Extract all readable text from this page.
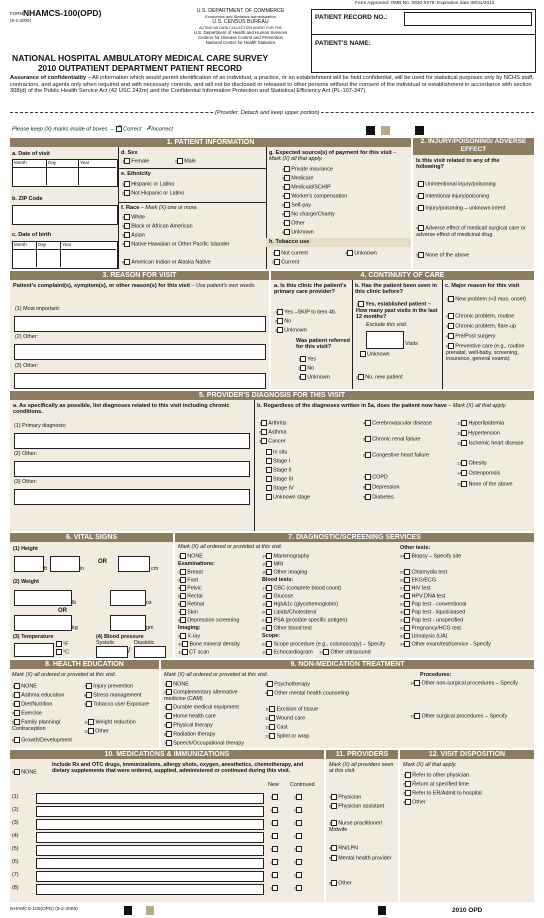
Form Approved: OMB No. 0920-0278; Expiration date 08/31/2012
FORM NHAMCS-100(OPD)
(9-2-2009)
U.S. DEPARTMENT OF COMMERCE
Economics and Statistics Administration
U.S. CENSUS BUREAU
ACTING AS DATA COLLECTION AGENT FOR THE
U.S. Department of Health and Human Services
Centers for Disease Control and Prevention
National Center for Health Statistics
NATIONAL HOSPITAL AMBULATORY MEDICAL CARE SURVEY
2010 OUTPATIENT DEPARTMENT PATIENT RECORD
PATIENT RECORD NO.:
PATIENT'S NAME:
Assurance of confidentiality – All information which would permit identification of an individual, a practice, or an establishment will be held confidential, will be used for statistical purposes only by NCHS staff, contractors, and agents only when required and with necessary controls, and will not be disclosed or released to other persons without the consent of the individual or establishment in accordance with section 308(d) of the Public Health Service Act (42 USC 242m) and the Confidential Information Protection and Statistical Efficiency Act (PL-107-347).
(Provider: Detach and keep upper portion)
Please keep (X) marks inside of boxes → ✕ Correct ✗Incorrect
1. PATIENT INFORMATION
a. Date of visit
Month	Day	Year
b. ZIP Code
c. Date of birth
Month Day	Year
d. Sex
1 Female	2 Male
e. Ethnicity
1 Hispanic or Latino
2 Not Hispanic or Latino
f. Race – Mark (X) one or more.
1 White
2 Black or African American
3 Asian
4 Native Hawaiian or Other Pacific Islander
5 American Indian or Alaska Native
g. Expected source(s) of payment for this visit – Mark (X) all that apply.
1 Private insurance
2 Medicare
3 Medicaid/SCHIP
4 Worker's compensation
5 Self-pay
6 No charge/Charity
7 Other
8 Unknown
h. Tobacco use
1 Not current
2 Current
3 Unknown
2. INJURY/POISONING/ ADVERSE EFFECT
Is this visit related to any of the following?
1 Unintentional injury/poisoning
2 Intentional injury/poisoning
3 Injury/poisoning – unknown intent
4 Adverse effect of medical/ surgical care or adverse effect of medicinal drug
5 None of the above
3. REASON FOR VISIT
Patient's complaint(s), symptom(s), or other reason(s) for this visit – Use patient's own words.
(1) Most important:
(2) Other:
(3) Other:
4. CONTINUITY OF CARE
a. Is this clinic the patient's primary care provider?
1 Yes –SKIP to item 4b.
2 No
3 Unknown
Was patient referred for this visit?
1 Yes
2 No
3 Unknown
b. Has the patient been seen in this clinic before?
1 Yes, established patient – How many past visits in the last 12 months?
Exclude this visit.
Visits
Unknown
2 No, new patient
c. Major reason for this visit
1 New problem (<3 mos. onset)
2 Chronic problem, routine
3 Chronic problem, flare-up
4 Pre/Post surgery
5 Preventive care (e.g., routine prenatal, well-baby, screening, insurance, general exams)
5. PROVIDER'S DIAGNOSIS FOR THIS VISIT
a. As specifically as possible, list diagnoses related to this visit including chronic conditions.
(1) Primary diagnosis:
(2) Other:
(3) Other:
b. Regardless of the diagnoses written in 5a, does the patient now have – Mark (X) all that apply.
1 Arthritis
2 Asthma
3 Cancer
In situ
Stage I
Stage II
Stage III
Stage IV
Unknown stage
4 Cerebrovascular disease
5 Chronic renal failure
6 Congestive heart failure
7 COPD
8 Depression
9 Diabetes
10 Hyperlipidemia
11 Hypertension
12 Ischemic heart disease
13 Obesity
14 Osteoporosis
15 None of the above
6. VITAL SIGNS
(1) Height
ft	in
OR
cm
(2) Weight
lb	oz
OR
kg	gm
(3) Temperature
°F
°C
(4) Blood pressure
Systolic	Diastolic
/
7. DIAGNOSTIC/SCREENING SERVICES
Mark (X) all ordered or provided at this visit.
1 NONE
Examinations:
2 Breast
3 Foot
4 Pelvic
5 Rectal
6 Retinal
7 Skin
8 Depression screening
Imaging:
9 X-ray
10 Bone mineral density
11 CT scan	12 Echocardiogram 13 Other ultrasound
14 Mammography
15 MRI
16 Other imaging
Blood tests:
17 CBC (complete blood count)
18 Glucose
19 HgbA1c (glycohemoglobin)
20 Lipids/Cholesterol
21 PSA (prostate specific antigen)
22 Other blood test
Scope:
23 Scope procedure (e.g., colonoscopy) – Specify
Other tests:
24 Biopsy – Specify site
25 Chlamydia test
26 EKG/ECG
27 HIV test
28 HPV DNA test
29 Pap test - conventional
30 Pap test - liquid-based
31 Pap test - unspecified
32 Pregnancy/HCG test
33 Urinalysis (UA)
34 Other exam/test/service - Specify
8. HEALTH EDUCATION
Mark (X) all ordered or provided at this visit.
1 NONE
2 Asthma education
3 Diet/Nutrition
4 Exercise
5 Family planning/ Contraception
6 Growth/Development
7 Injury prevention
8 Stress management
9 Tobacco use/ Exposure
10 Weight reduction
11 Other
9. NON-MEDICATION TREATMENT
Mark (X) all ordered or provided at this visit.
1 NONE
2 Complementary alternative medicine (CAM)
3 Durable medical equipment
4 Home health care
5 Physical therapy
6 Radiation therapy
7 Speech/Occupational therapy
8 Psychotherapy
9 Other mental health counseling
10 Excision of tissue
11 Wound care
12 Cast
13 Splint or wrap
Procedures:
14 Other non-surgical procedures – Specify
15 Other surgical procedures – Specify
10. MEDICATIONS & IMMUNIZATIONS
0 NONE
Include Rx and OTC drugs, immunizations, allergy shots, oxygen, anesthetics, chemotherapy, and dietary supplements that were ordered, supplied, administered or continued during this visit.
New Continued
(1)	1	2
(2)	1	2
(3)	1	2
(4)	1	2
(5)	1	2
(6)	1	2
(7)	1	2
(8)	1	2
11. PROVIDERS
Mark (X) all providers seen at this visit.
1 Physician
2 Physician assistant
3 Nurse practitioner/ Midwife
4 RN/LPN
5 Mental health provider
6 Other
12. VISIT DISPOSITION
Mark (X) all that apply.
1 Refer to other physician
2 Return at specified time
3 Refer to ER/Admit to hospital
4 Other
NHAMCS-100(OPD) (9-2-2009)	2010 OPD
